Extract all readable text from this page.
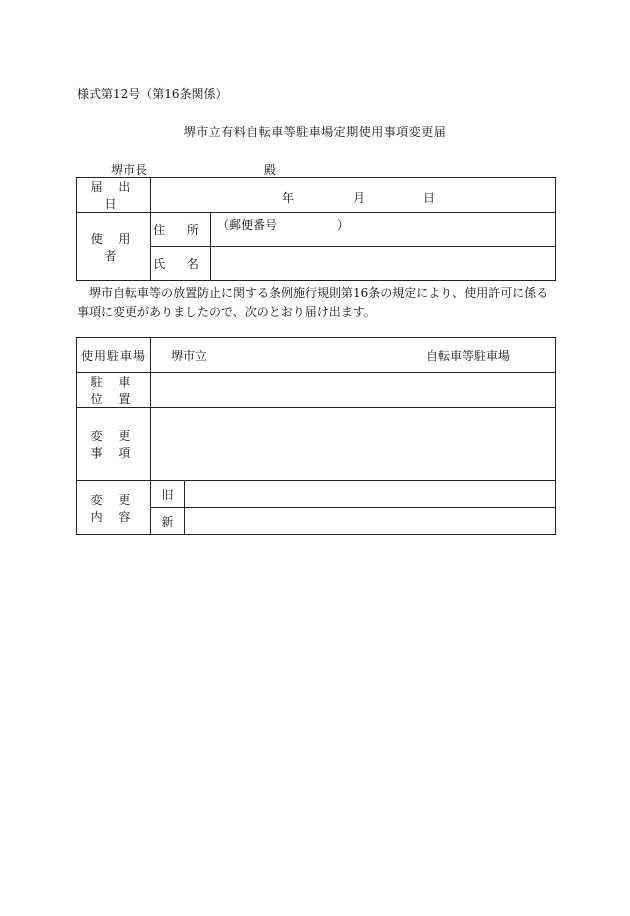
様式第12号（第16条関係）
堺市立有料自転車等駐車場定期使用事項変更届
堺市長	殿
届 出 日	年 月 日	

使 用 者	住 所	（郵便番号　　　　　）
	氏 名	
堺市自転車等の放置防止に関する条例施行規則第16条の規定により、使用許可に係る事項に変更がありましたので、次のとおり届け出ます。
使用駐車場	堺市立	自転車等駐車場

駐 車 位 置	
変 更 事 項	
変 更 内 容	旧	
新	
